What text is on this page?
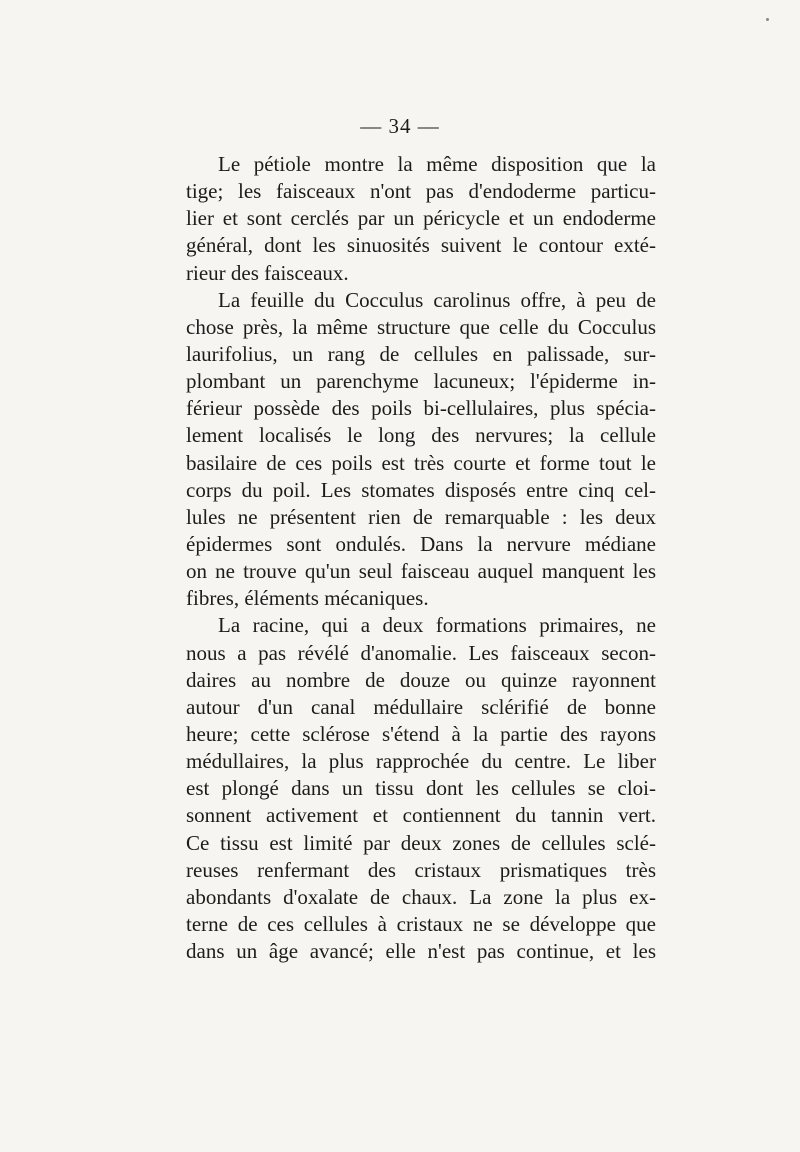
— 34 —
Le pétiole montre la même disposition que la
tige; les faisceaux n'ont pas d'endoderme particu-
lier et sont cerclés par un péricycle et un endoderme
général, dont les sinuosités suivent le contour exté-
rieur des faisceaux.
La feuille du Cocculus carolinus offre, à peu de
chose près, la même structure que celle du Cocculus
laurifolius, un rang de cellules en palissade, sur-
plombant un parenchyme lacuneux; l'épiderme in-
férieur possède des poils bi-cellulaires, plus spécia-
lement localisés le long des nervures; la cellule
basilaire de ces poils est très courte et forme tout le
corps du poil. Les stomates disposés entre cinq cel-
lules ne présentent rien de remarquable : les deux
épidermes sont ondulés. Dans la nervure médiane
on ne trouve qu'un seul faisceau auquel manquent les
fibres, éléments mécaniques.
La racine, qui a deux formations primaires, ne
nous a pas révélé d'anomalie. Les faisceaux secon-
daires au nombre de douze ou quinze rayonnent
autour d'un canal médullaire sclérifié de bonne
heure; cette sclérose s'étend à la partie des rayons
médullaires, la plus rapprochée du centre. Le liber
est plongé dans un tissu dont les cellules se cloi-
sonnent activement et contiennent du tannin vert.
Ce tissu est limité par deux zones de cellules sclé-
reuses renfermant des cristaux prismatiques très
abondants d'oxalate de chaux. La zone la plus ex-
terne de ces cellules à cristaux ne se développe que
dans un âge avancé; elle n'est pas continue, et les
